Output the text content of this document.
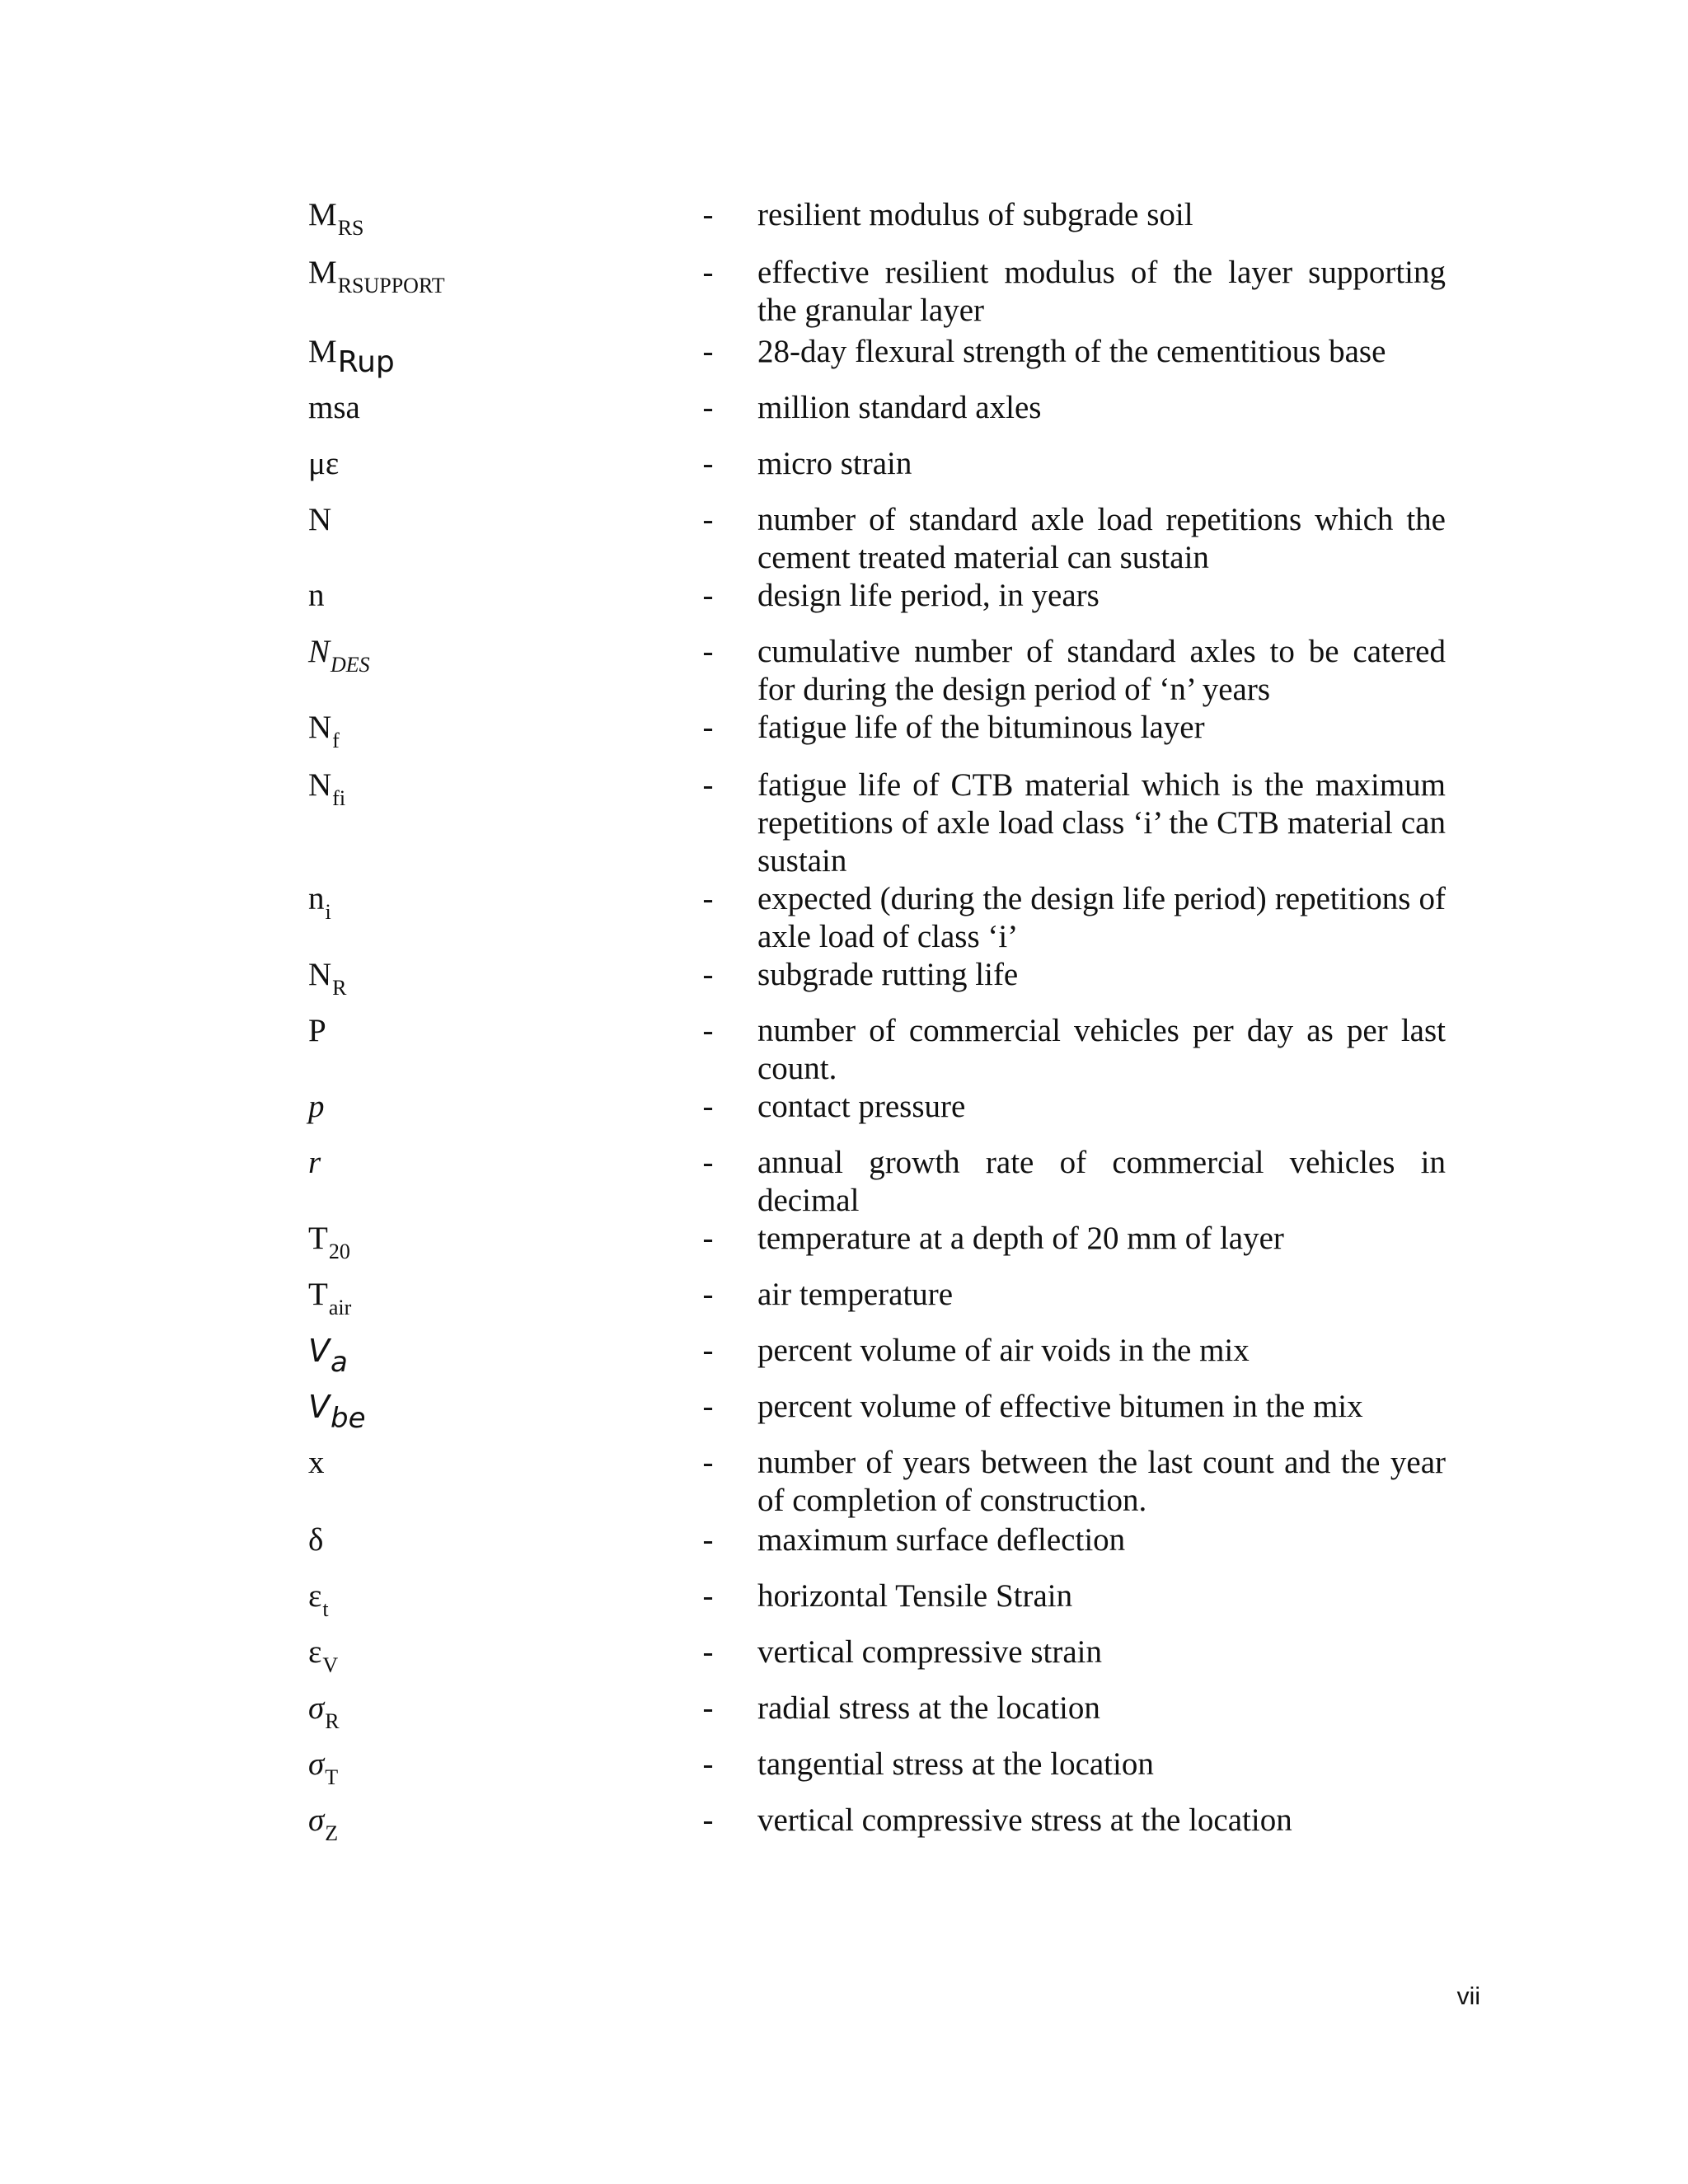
$M_{RS}$	- resilient modulus of subgrade soil
$M_{RSUPPORT}$	- effective resilient modulus of the layer supporting the granular layer
MRup	- 28-day flexural strength of the cementitious base
msa	- million standard axles
με	- micro strain
N	- number of standard axle load repetitions which the cement treated material can sustain
n	- design life period, in years
$N_{DES}$	- cumulative number of standard axles to be catered for during the design period of ‘n’ years
$N_f$	- fatigue life of the bituminous layer
$N_{fi}$	- fatigue life of CTB material which is the maximum repetitions of axle load class ‘i’ the CTB material can sustain
$n_i$	- expected (during the design life period) repetitions of axle load of class ‘i’
$N_R$	- subgrade rutting life
P	- number of commercial vehicles per day as per last count.
p	- contact pressure
r	- annual growth rate of commercial vehicles in decimal
$T_{20}$	- temperature at a depth of 20 mm of layer
$T_{air}$	- air temperature
Va	- percent volume of air voids in the mix
Vbe	- percent volume of effective bitumen in the mix
x	- number of years between the last count and the year of completion of construction.
δ	- maximum surface deflection
$\varepsilon_t$	- horizontal Tensile Strain
$\varepsilon_V$	- vertical compressive strain
$\sigma_R$	- radial stress at the location
$\sigma_T$	- tangential stress at the location
$\sigma_Z$	- vertical compressive stress at the location
vii
